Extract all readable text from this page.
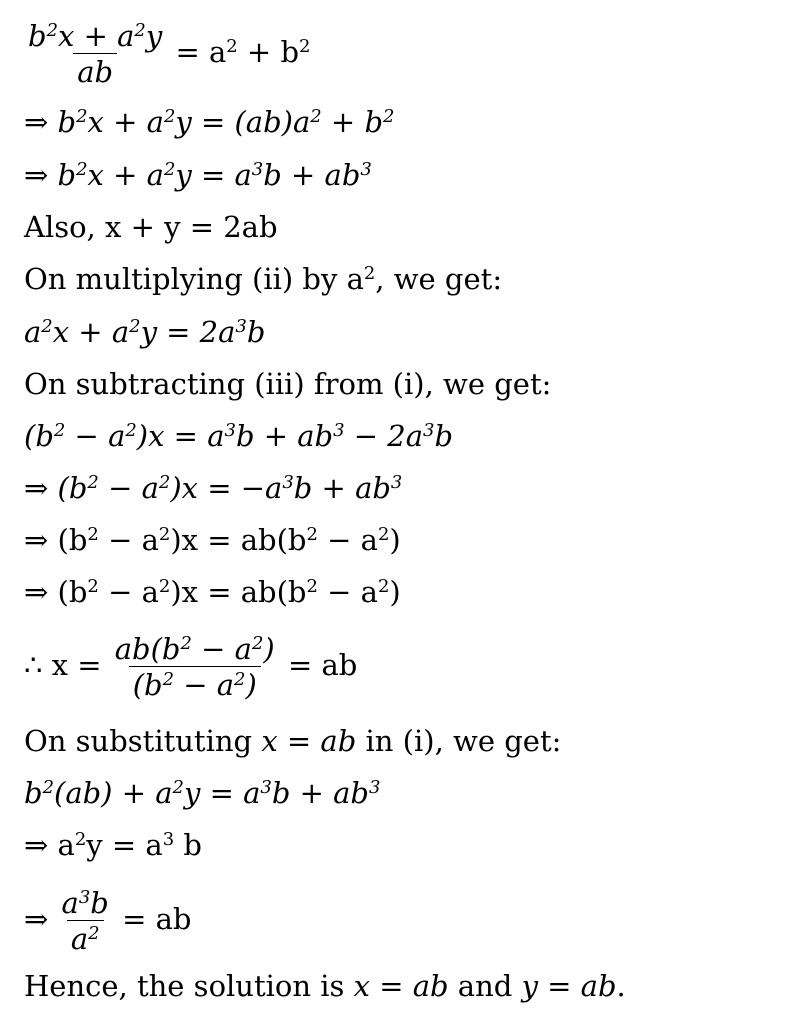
$\frac{b^2x + a^2y}{ab} = a^2 + b^2$
⇒ $b^2x + a^2y = (ab)a^2 + b^2$
⇒ $b^2x + a^2y = a^3b + ab^3$
Also, x + y = 2ab
On multiplying (ii) by $a^2$, we get:
$a^2x + a^2y = 2a^3b$
On subtracting (iii) from (i), we get:
$(b^2 - a^2)x = a^3b + ab^3 - 2a^3b$
⇒ $(b^2 - a^2)x = -a^3b + ab^3$
⇒ $(b^2 - a^2)x = ab(b^2 - a^2)$
⇒ $(b^2 - a^2)x = ab(b^2 - a^2)$
∴ $x = \frac{ab(b^2 - a^2)}{(b^2 - a^2)}$ = ab
On substituting x = ab in (i), we get:
$b^2(ab) + a^2y = a^3b + ab^3$
⇒ $a^2y = a^3$ b
⇒ $\frac{a^3b}{a^2}$ = ab
Hence, the solution is x = ab and y = ab.
